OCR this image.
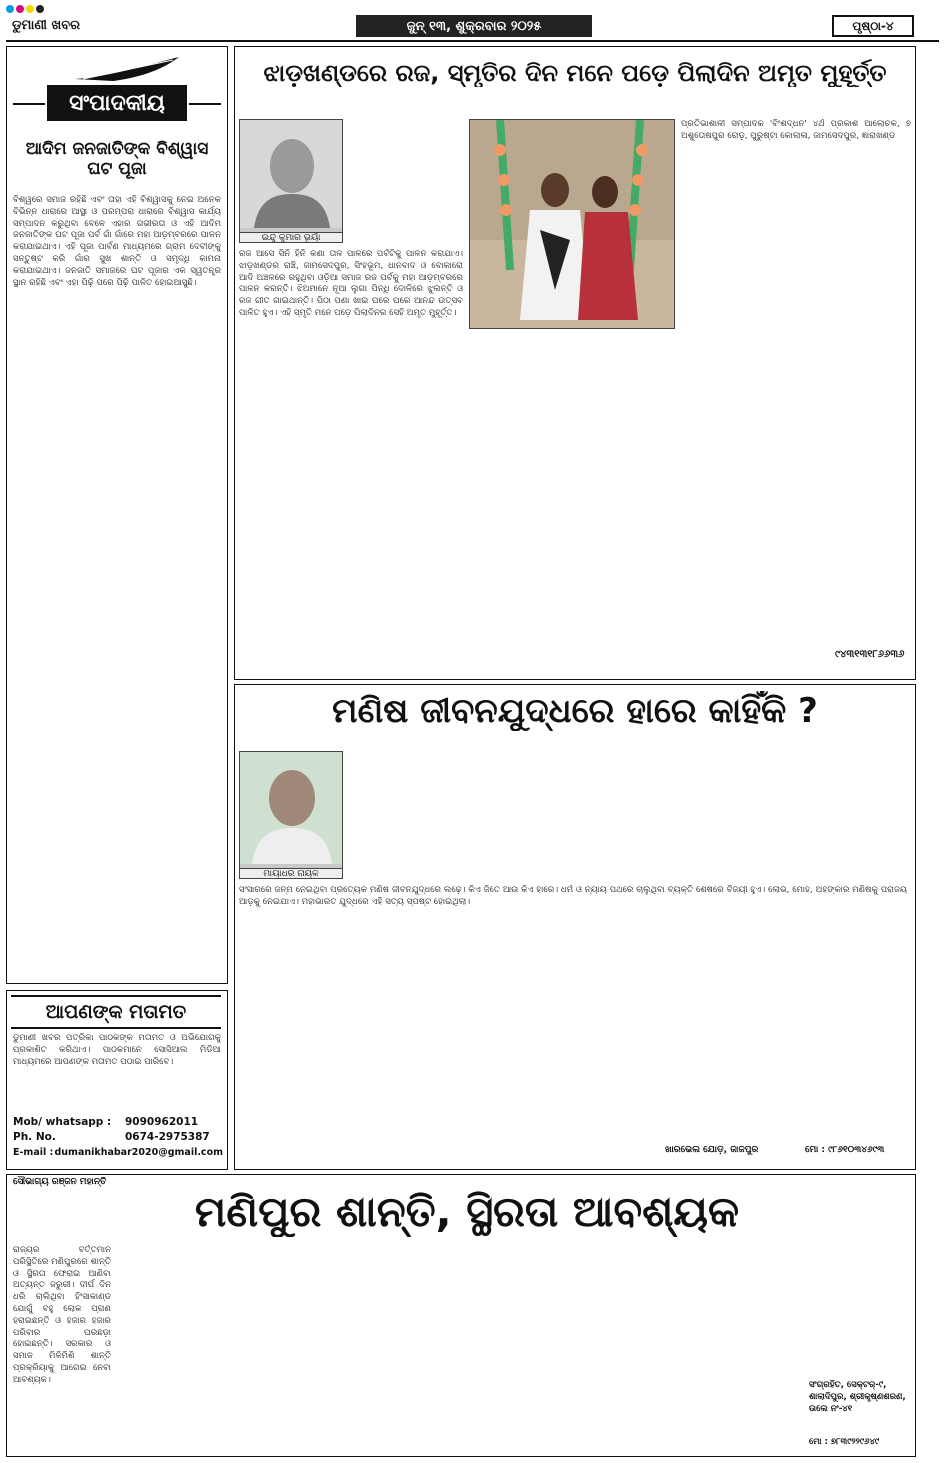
ଡୁମାଣୀ ଖବର	ଜୁନ୍ ୧୩, ଶୁକ୍ରବାର ୨୦୨୫	ପୃଷ୍ଠା-୪
ସଂପାଦକୀୟ
ଆଦିମ ଜନଜାତିଙ୍କ ବିଶ୍ୱାସ ଘଟ ପୂଜା
ବିଶ୍ୱରେ ସମାଜ ରହିଛି ଏବଂ ତାହା ଏହି ବିଶ୍ୱାସକୁ ନେଇ ଅନେକ ବିଭିନ୍ନ ଧାରାରେ ଆସ୍ଥା ଓ ପରମ୍ପରା ଧାରାରେ ବିଶ୍ୱାସ କାର୍ଯ୍ୟ ସମ୍ପାଦନ କରୁଥିବା ବେଳେ ଏହାର ଗଭୀରତା ଓ ଏହି ଆଦିମ ଜନଜାତିଙ୍କ ଘଟ ପୂଜା ପର୍ବ ଗାଁ ଗାଁରେ ମହା ଆଡ଼ମ୍ବରରେ ପାଳନ କରାଯାଇଥାଏ। ଏହି ପୂଜା ପାର୍ବଣ ମାଧ୍ୟମରେ ଗ୍ରାମ ଦେବୀଙ୍କୁ ସନ୍ତୁଷ୍ଟ କରି ଗାଁର ସୁଖ ଶାନ୍ତି ଓ ସମୃଦ୍ଧି କାମନା କରାଯାଇଥାଏ। ଜନଜାତି ସମାଜରେ ଘଟ ପୂଜାର ଏକ ସ୍ୱତନ୍ତ୍ର ସ୍ଥାନ ରହିଛି ଏବଂ ଏହା ପିଢ଼ି ପରେ ପିଢ଼ି ପାଳିତ ହୋଇଆସୁଛି।
ଆପଣଙ୍କ ମତାମତ
ଡୁମାଣୀ ଖବର ପତ୍ରିକା ପାଠକଙ୍କ ମତାମତ ଓ ଅଭିଯୋଗକୁ ପ୍ରକାଶିତ କରିଥାଏ। ପାଠକମାନେ ସୋସିଆଲ ମିଡିଆ ମାଧ୍ୟମରେ ଆପଣଙ୍କ ମତାମତ ପଠାଇ ପାରିବେ।
Mob/ whatsapp :	9090962011
Ph. No.	0674-2975387
E-mail : dumanikhabar2020@gmail.com
ଝାଡ଼ଖଣ୍ଡରେ ରଜ, ସ୍ମୃତିର ଦିନ ମନେ ପଡ଼େ ପିଲାଦିନ ଅମୃତ ମୁହୂର୍ତ୍ତ
ଇନ୍ଦୁ କୁମାର ଭୂୟାଁ
ରଜ ଆସେ ସିନି ହିନି କଣା ତାଳ ପାଳରେ ପର୍ବଟିକୁ ପାଳନ କରାଯାଏ। ଝାଡ଼ଖଣ୍ଡର ରାଞ୍ଚି, ଜାମସେଦପୁର, ସିଂହଭୂମ, ଧାନବାଦ ଓ ବୋକାରୋ ଆଦି ଅଞ୍ଚଳରେ ରହୁଥିବା ଓଡ଼ିଆ ସମାଜ ରଜ ପର୍ବକୁ ମହା ଆଡ଼ମ୍ବରରେ ପାଳନ କରନ୍ତି। ଝିଅମାନେ ନୂଆ ଲୁଗା ପିନ୍ଧି ଦୋଳିରେ ଝୁଲନ୍ତି ଓ ରଜ ଗୀତ ଗାଇଥାନ୍ତି। ପିଠା ପଣା ଖାଇ ଘରେ ଘରେ ଆନନ୍ଦ ଉତ୍ସବ ପାଳିତ ହୁଏ। ଏହି ସ୍ମୃତି ମନେ ପଡ଼େ ପିଲାଦିନର ସେହି ଅମୃତ ମୁହୂର୍ତ୍ତ।
ପ୍ରତିଭାଶାଳୀ ସମ୍ପାଦକ 'ବିଂଶଦ୍ଧନ' ୪ର୍ଥ ପ୍ରକାଶ ଆଲୋଚକ, ୭ ଅଶୁତୋଷପୁର ରୋଡ଼, ପୁରୁଷ୍ଟା କୋଲାଳା, ଜାମସେଦପୁର, ଜ୍ଞାରାଖଣ୍ଡ
୯୪୩୧୩୧୮୬୬୩୬
ମଣିଷ ଜୀବନଯୁଦ୍ଧରେ ହାରେ କାହିଁକି ?
ମାୟାଧର ନାୟକ
ସଂସାରରେ ଜନ୍ମ ନେଇଥିବା ପ୍ରତ୍ୟେକ ମଣିଷ ଜୀବନଯୁଦ୍ଧରେ ଲଢ଼େ। କିଏ ଜିତେ ଆଉ କିଏ ହାରେ। ଧର୍ମ ଓ ନ୍ୟାୟ ପଥରେ ଚାଲୁଥିବା ବ୍ୟକ୍ତି ଶେଷରେ ବିଜୟୀ ହୁଏ। ଲୋଭ, ମୋହ, ଅହଙ୍କାର ମଣିଷକୁ ପରାଜୟ ଆଡ଼କୁ ନେଇଯାଏ। ମହାଭାରତ ଯୁଦ୍ଧରେ ଏହି ସତ୍ୟ ସ୍ପଷ୍ଟ ହୋଇଥିଲା।
ଖାରଭେଲ ଯୋଡ଼, ଜାଜପୁର	ମୋ : ୯୮୬୧୦୩୪୬୯୩
ସୌଭାଗ୍ୟ ରଞ୍ଜନ ମହାନ୍ତି
ମଣିପୁର ଶାନ୍ତି, ସ୍ଥିରତା ଆବଶ୍ୟକ
ରାଜ୍ୟର ବର୍ତ୍ତମାନ ପରିସ୍ଥିତିରେ ମଣିପୁରରେ ଶାନ୍ତି ଓ ସ୍ଥିରତା ଫେରାଇ ଆଣିବା ଅତ୍ୟନ୍ତ ଜରୁରୀ। ଦୀର୍ଘ ଦିନ ଧରି ଚାଲିଥିବା ହିଂସାକାଣ୍ଡ ଯୋଗୁଁ ବହୁ ଲୋକ ପ୍ରାଣ ହରାଇଛନ୍ତି ଓ ହଜାର ହଜାର ପରିବାର ଘରଛଡ଼ା ହୋଇଛନ୍ତି। ସରକାର ଓ ସମାଜ ମିଳିମିଶି ଶାନ୍ତି ପ୍ରକ୍ରିୟାକୁ ଆଗେଇ ନେବା ଆବଶ୍ୟକ।
ସଂଗ୍ରହିତ, ସେକ୍ଟର୍-୯, ଶାଲାଦିପୁର, ଶ୍ରୀକୃଷ୍ଣଶରଣ, ଉଲେ ନଂ-୪୧
ମୋ : ୭୮୩୯୨୨୯୬୪୯
